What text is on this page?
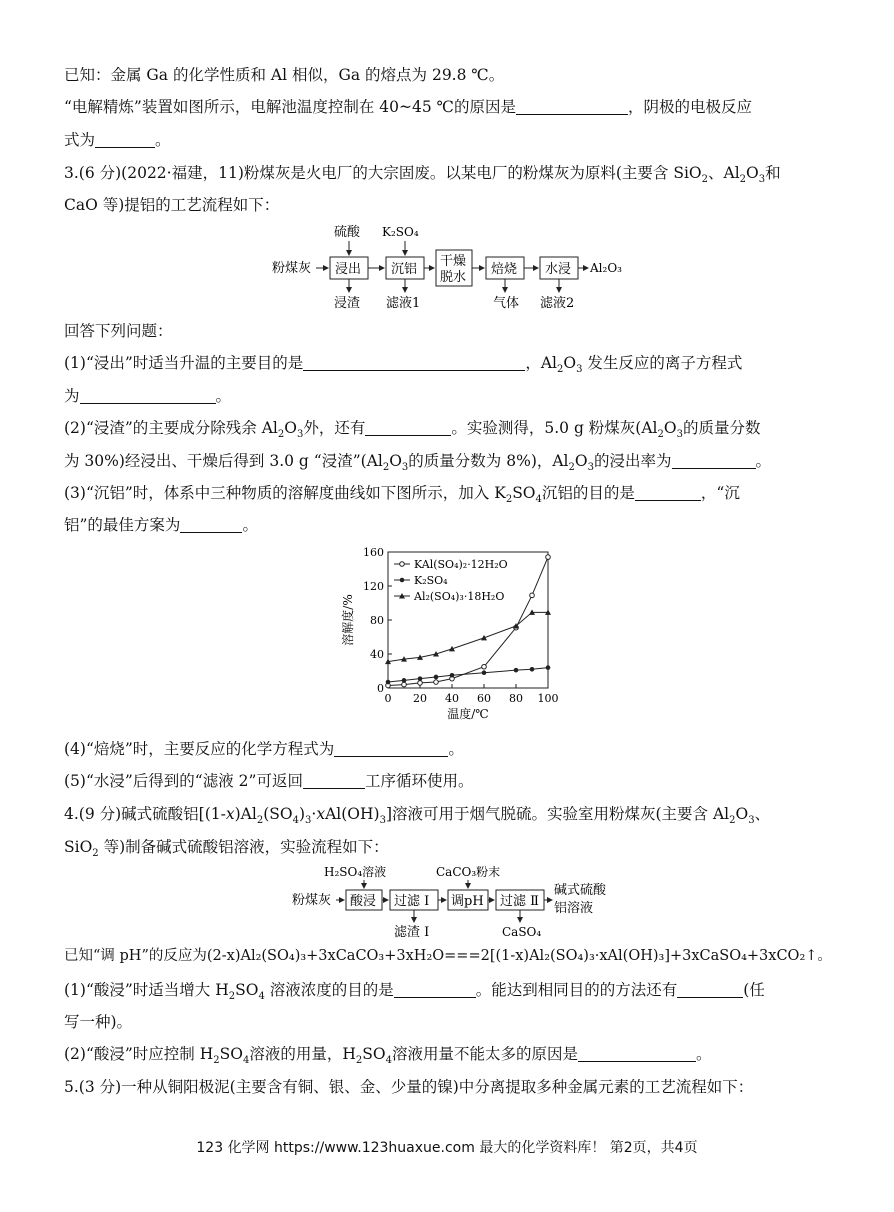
已知：金属 Ga 的化学性质和 Al 相似，Ga 的熔点为 29.8 ℃。
“电解精炼”装置如图所示，电解池温度控制在 40~45 ℃的原因是	，阴极的电极反应
式为	。
3.(6 分)(2022·福建，11)粉煤灰是火电厂的大宗固废。以某电厂的粉煤灰为原料(主要含 SiO$_2$、$Al_2O_3$和
CaO 等)提铝的工艺流程如下：
粉煤灰 浸出
硫酸
浸渣
沉铝
K₂SO₄
滤液1
干燥
脱水
焙烧
气体
水浸
滤液2
Al₂O₃
回答下列问题：
(1)“浸出”时适当升温的主要目的是	，$Al_2O_3$ 发生反应的离子方程式
为	。
(2)“浸渣”的主要成分除残余 $Al_2O_3$外，还有	。实验测得，5.0 g 粉煤灰($Al_2O_3$的质量分数
为 30%)经浸出、干燥后得到 3.0 g “浸渣$”(Al_2O_3$的质量分数为 8%)，$Al_2O_3$的浸出率为	。
(3)“沉铝”时，体系中三种物质的溶解度曲线如下图所示，加入 $K_2SO_4$沉铝的目的是	，“沉
铝”的最佳方案为	。
0
40
80
120
160
0 20 40 60 80 100
温度/℃
溶解度/%
KAl(SO₄)₂·12H₂O
K₂SO₄
Al₂(SO₄)₃·18H₂O
(4)“焙烧”时，主要反应的化学方程式为	。
(5)“水浸”后得到的“滤液 2”可返回	工序循环使用。
4.(9 分)碱式硫酸铝$[(1-x)Al_2(SO_4)_3\cdot xAl(OH)_3]$溶液可用于烟气脱硫。实验室用粉煤灰(主要含 $Al_2O_3$、
SiO$_2$ 等)制备碱式硫酸铝溶液，实验流程如下：
粉煤灰 酸浸
H₂SO₄溶液
过滤 Ⅰ
滤渣 Ⅰ
调pH
CaCO₃粉末
过滤 Ⅱ
CaSO₄
碱式硫酸
铝溶液
已知“调 pH”的反应为(2-x)Al₂(SO₄)₃+3xCaCO₃+3xH₂O===2[(1-x)Al₂(SO₄)₃·xAl(OH)₃]+3xCaSO₄+3xCO₂↑。
(1)“酸浸”时适当增大 $H_2SO_4$ 溶液浓度的目的是	。能达到相同目的的方法还有	(任
写一种)。
(2)“酸浸”时应控制 $H_2SO_4$溶液的用量，$H_2SO_4$溶液用量不能太多的原因是	。
5.(3 分)一种从铜阳极泥(主要含有铜、银、金、少量的镍)中分离提取多种金属元素的工艺流程如下：
123 化学网 https://www.123huaxue.com 最大的化学资料库！ 第2页，共4页
